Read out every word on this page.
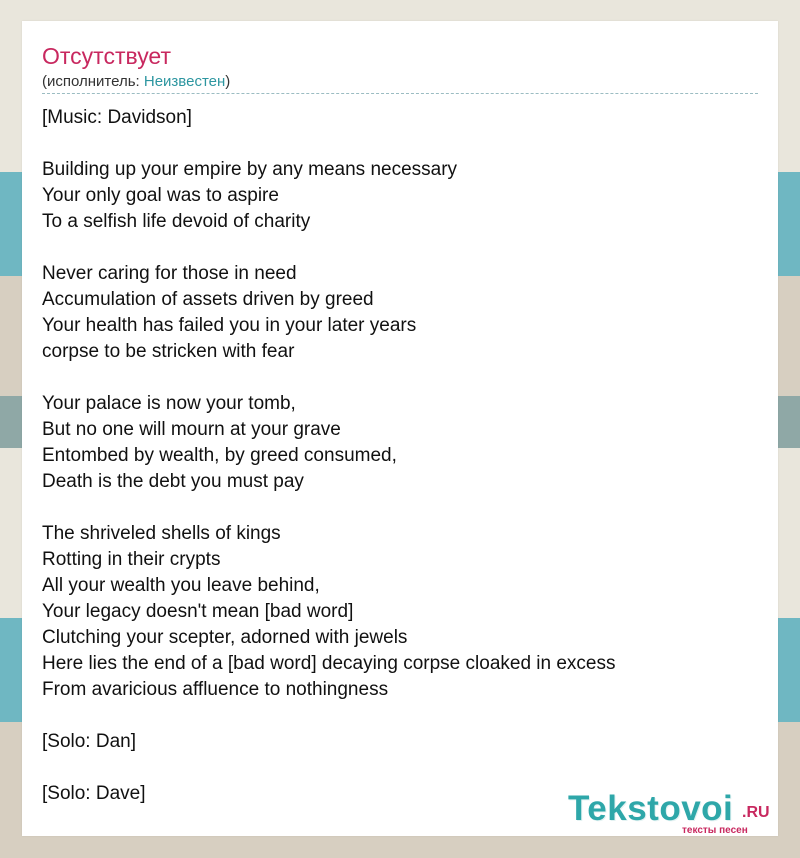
Отсутствует
(исполнитель: Неизвестен)
[Music: Davidson]
Building up your empire by any means necessary
Your only goal was to aspire
To a selfish life devoid of charity
Never caring for those in need
Accumulation of assets driven by greed
Your health has failed you in your later years
corpse to be stricken with fear
Your palace is now your tomb,
But no one will mourn at your grave
Entombed by wealth, by greed consumed,
Death is the debt you must pay
The shriveled shells of kings
Rotting in their crypts
All your wealth you leave behind,
Your legacy doesn't mean [bad word]
Clutching your scepter, adorned with jewels
Here lies the end of a [bad word] decaying corpse cloaked in excess
From avaricious affluence to nothingness
[Solo: Dan]
[Solo: Dave]	Tekstovoi .RU
тексты песен
